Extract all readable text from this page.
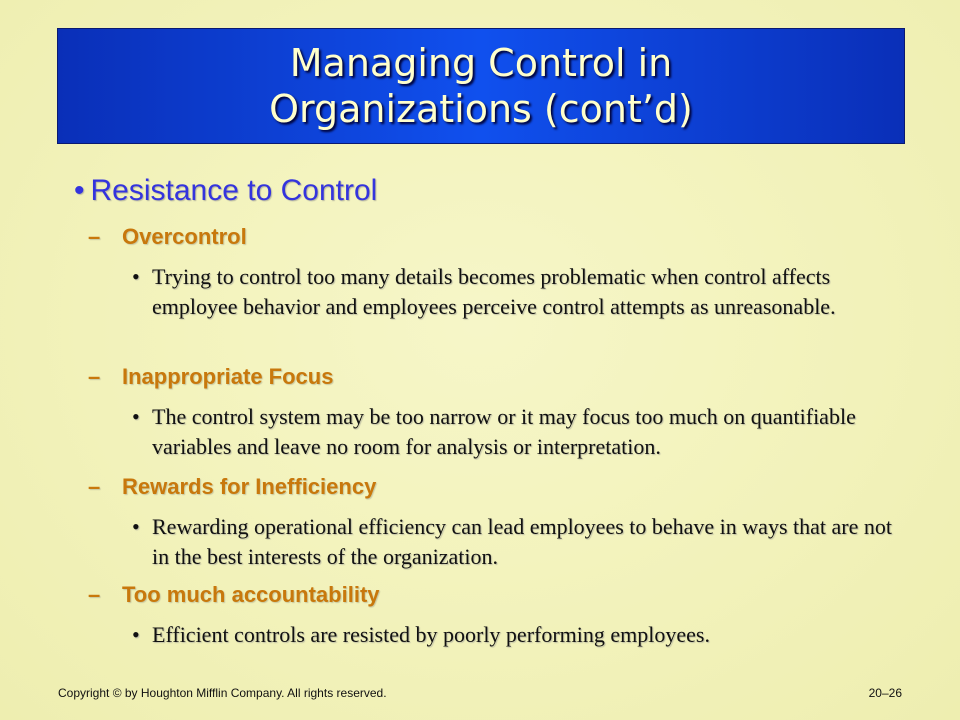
Managing Control in
Organizations (cont’d)
• Resistance to Control
– Overcontrol
• Trying to control too many details becomes problematic when control affects employee behavior and employees perceive control attempts as unreasonable.
– Inappropriate Focus
• The control system may be too narrow or it may focus too much on quantifiable variables and leave no room for analysis or interpretation.
– Rewards for Inefficiency
• Rewarding operational efficiency can lead employees to behave in ways that are not in the best interests of the organization.
– Too much accountability
• Efficient controls are resisted by poorly performing employees.
Copyright © by Houghton Mifflin Company. All rights reserved.	20–26
